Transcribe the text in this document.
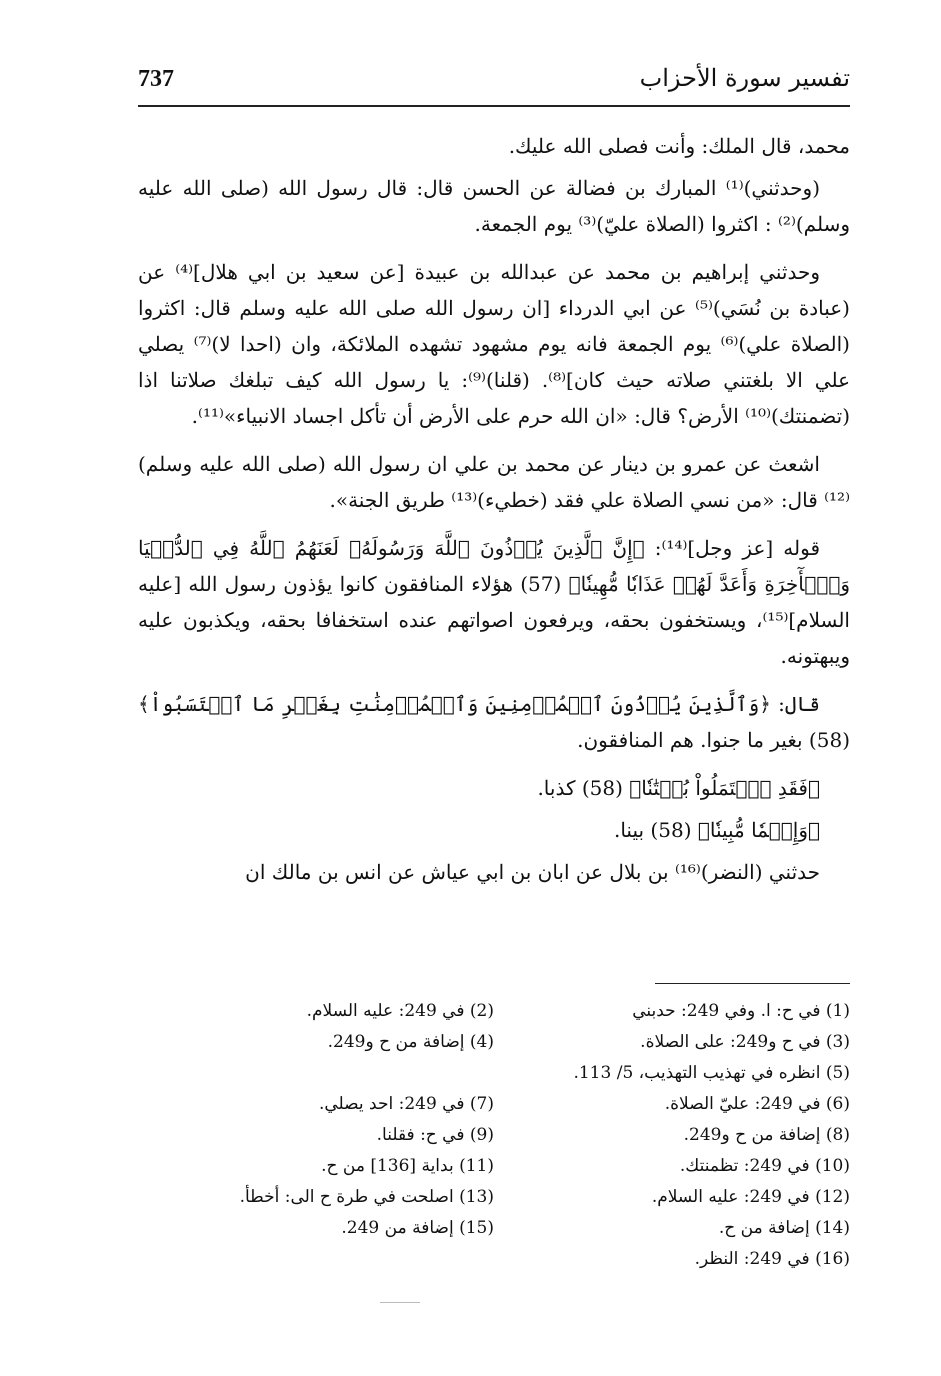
737	تفسير سورة الأحزاب

محمد، قال الملك: وأنت فصلى الله عليك.

(وحدثني)⁽¹⁾ المبارك بن فضالة عن الحسن قال: قال رسول الله (صلى الله عليه وسلم)⁽²⁾ : اكثروا (الصلاة عليّ)⁽³⁾ يوم الجمعة.

وحدثني إبراهيم بن محمد عن عبدالله بن عبيدة [عن سعيد بن ابي هلال]⁽⁴⁾ عن (عبادة بن نُسَي)⁽⁵⁾ عن ابي الدرداء [ان رسول الله صلى الله عليه وسلم قال: اكثروا (الصلاة علي)⁽⁶⁾ يوم الجمعة فانه يوم مشهود تشهده الملائكة، وان (احدا لا)⁽⁷⁾ يصلي علي الا بلغتني صلاته حيث كان]⁽⁸⁾. (قلنا)⁽⁹⁾: يا رسول الله كيف تبلغك صلاتنا اذا (تضمنتك)⁽¹⁰⁾ الأرض؟ قال: «ان الله حرم على الأرض أن تأكل اجساد الانبياء»⁽¹¹⁾.

اشعث عن عمرو بن دينار عن محمد بن علي ان رسول الله (صلى الله عليه وسلم)⁽¹²⁾ قال: «من نسي الصلاة علي فقد (خطيء)⁽¹³⁾ طريق الجنة».

قوله [عز وجل]⁽¹⁴⁾: ﴿إِنَّ ٱلَّذِينَ يُؤۡذُونَ ٱللَّهَ وَرَسُولَهُۥ لَعَنَهُمُ ٱللَّهُ فِي ٱلدُّنۡيَا وَٱلۡأٓخِرَةِ وَأَعَدَّ لَهُمۡ عَذَابٗا مُّهِينٗا﴾ (57) هؤلاء المنافقون كانوا يؤذون رسول الله [عليه السلام]⁽¹⁵⁾، ويستخفون بحقه، ويرفعون اصواتهم عنده استخفافا بحقه، ويكذبون عليه ويبهتونه.

قال: ﴿وَٱلَّذِينَ يُؤۡذُونَ ٱلۡمُؤۡمِنِينَ وَٱلۡمُؤۡمِنَٰتِ بِغَيۡرِ مَا ٱكۡتَسَبُواْ﴾ (58) بغير ما جنوا. هم المنافقون.

﴿فَقَدِ ٱحۡتَمَلُواْ بُهۡتَٰنٗا﴾ (58) كذبا.

﴿وَإِثۡمٗا مُّبِينٗا﴾ (58) بينا.

حدثني (النضر)⁽¹⁶⁾ بن بلال عن ابان بن ابي عياش عن انس بن مالك ان

(1) في ح: ا. وفي 249: حدبني
(2) في 249: عليه السلام.
(3) في ح و249: على الصلاة.
(4) إضافة من ح و249.
(5) انظره في تهذيب التهذيب، 5/ 113.
(6) في 249: عليّ الصلاة.
(7) في 249: احد يصلي.
(8) إضافة من ح و249.
(9) في ح: فقلنا.
(10) في 249: تظمنتك.
(11) بداية [136] من ح.
(12) في 249: عليه السلام.
(13) اصلحت في طرة ح الى: أخطأ.
(14) إضافة من ح.
(15) إضافة من 249.
(16) في 249: النظر.
